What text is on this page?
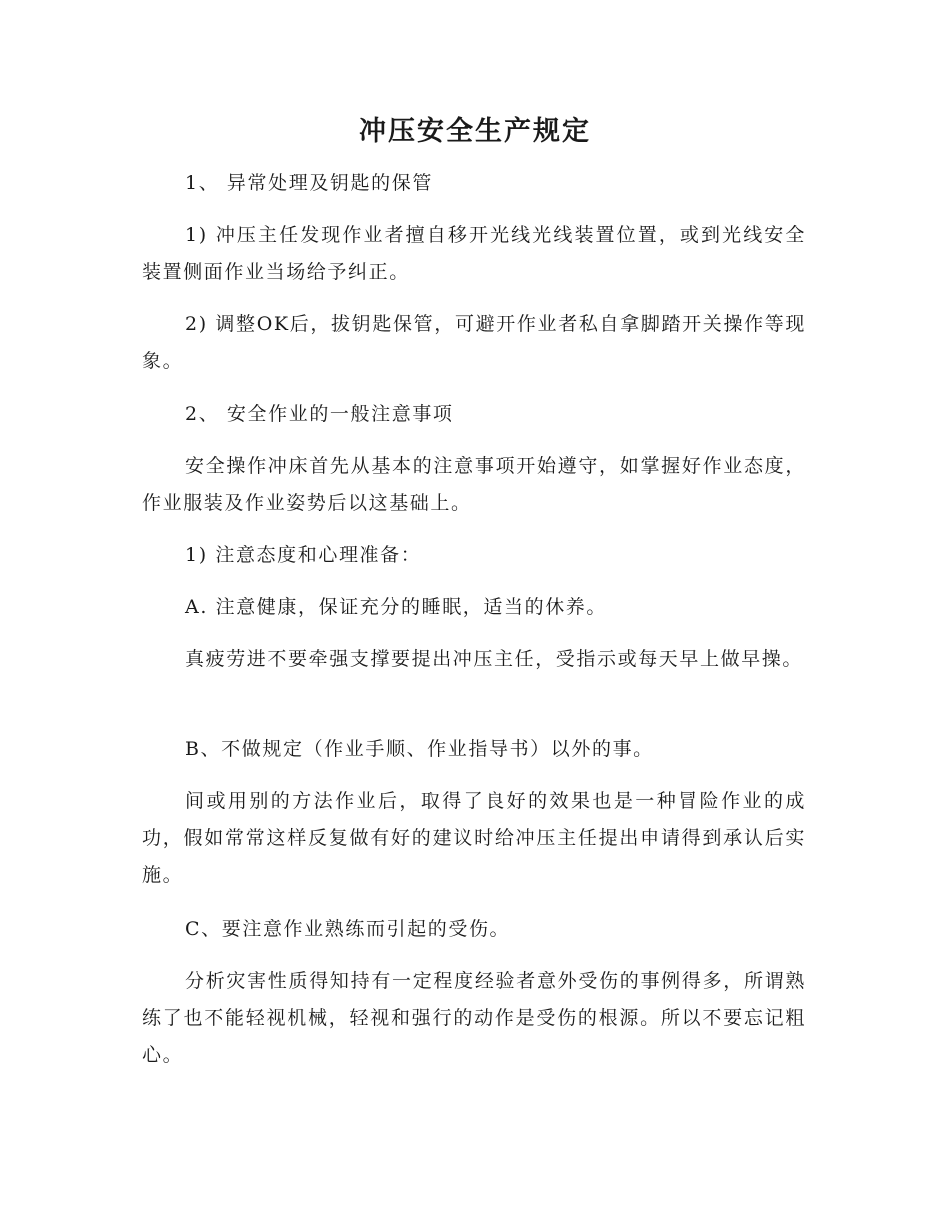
冲压安全生产规定

1、 异常处理及钥匙的保管

1) 冲压主任发现作业者擅自移开光线光线装置位置，或到光线安全装置侧面作业当场给予纠正。

2) 调整OK后，拔钥匙保管，可避开作业者私自拿脚踏开关操作等现象。

2、 安全作业的一般注意事项

安全操作冲床首先从基本的注意事项开始遵守，如掌握好作业态度，作业服装及作业姿势后以这基础上。

1) 注意态度和心理准备：

A. 注意健康，保证充分的睡眠，适当的休养。

真疲劳进不要牵强支撑要提出冲压主任，受指示或每天早上做早操。

B、不做规定（作业手顺、作业指导书）以外的事。

间或用别的方法作业后，取得了良好的效果也是一种冒险作业的成功，假如常常这样反复做有好的建议时给冲压主任提出申请得到承认后实施。

C、要注意作业熟练而引起的受伤。

分析灾害性质得知持有一定程度经验者意外受伤的事例得多，所谓熟练了也不能轻视机械，轻视和强行的动作是受伤的根源。所以不要忘记粗心。
